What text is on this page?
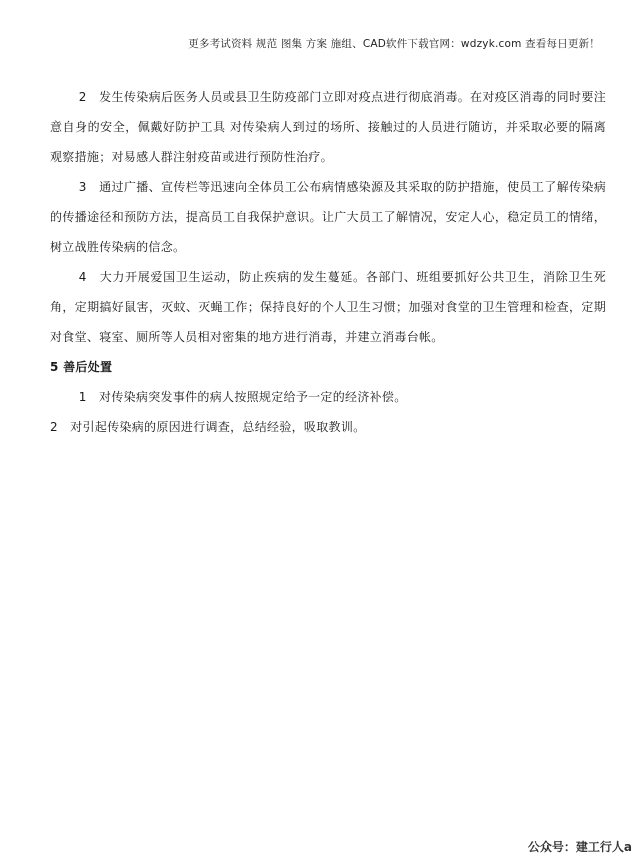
更多考试资料 规范 图集 方案 施组、CAD软件下载官网：wdzyk.com 查看每日更新！

2　发生传染病后医务人员或县卫生防疫部门立即对疫点进行彻底消毒。在对疫区消毒的同时要注意自身的安全，佩戴好防护工具 对传染病人到过的场所、接触过的人员进行随访，并采取必要的隔离观察措施；对易感人群注射疫苗或进行预防性治疗。

3　通过广播、宣传栏等迅速向全体员工公布病情感染源及其采取的防护措施，使员工了解传染病的传播途径和预防方法，提高员工自我保护意识。让广大员工了解情况，安定人心，稳定员工的情绪，树立战胜传染病的信念。

4　大力开展爱国卫生运动，防止疾病的发生蔓延。各部门、班组要抓好公共卫生，消除卫生死角，定期搞好鼠害，灭蚊、灭蝇工作；保持良好的个人卫生习惯；加强对食堂的卫生管理和检查，定期对食堂、寝室、厕所等人员相对密集的地方进行消毒，并建立消毒台帐。

5 善后处置

1　对传染病突发事件的病人按照规定给予一定的经济补偿。

2　对引起传染病的原因进行调查，总结经验，吸取教训。

公众号：建工行人a
